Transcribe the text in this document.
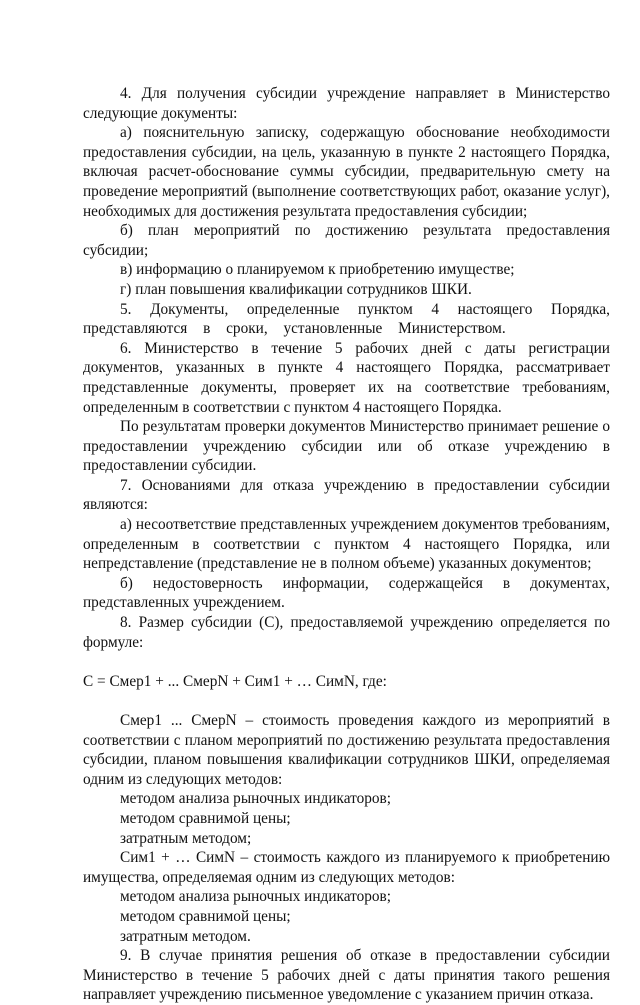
4. Для получения субсидии учреждение направляет в Министерство следующие документы:

а) пояснительную записку, содержащую обоснование необходимости предоставления субсидии, на цель, указанную в пункте 2 настоящего Порядка, включая расчет-обоснование суммы субсидии, предварительную смету на проведение мероприятий (выполнение соответствующих работ, оказание услуг), необходимых для достижения результата предоставления субсидии;

б) план мероприятий по достижению результата предоставления субсидии;

в) информацию о планируемом к приобретению имуществе;

г) план повышения квалификации сотрудников ШКИ.

5. Документы, определенные пунктом 4 настоящего Порядка, представляются в сроки, установленные Министерством.

6. Министерство в течение 5 рабочих дней с даты регистрации документов, указанных в пункте 4 настоящего Порядка, рассматривает представленные документы, проверяет их на соответствие требованиям, определенным в соответствии с пунктом 4 настоящего Порядка.

По результатам проверки документов Министерство принимает решение о предоставлении учреждению субсидии или об отказе учреждению в предоставлении субсидии.

7. Основаниями для отказа учреждению в предоставлении субсидии являются:

а) несоответствие представленных учреждением документов требованиям, определенным в соответствии с пунктом 4 настоящего Порядка, или непредставление (представление не в полном объеме) указанных документов;

б) недостоверность информации, содержащейся в документах, представленных учреждением.

8. Размер субсидии (С), предоставляемой учреждению определяется по формуле:

С = Смер1 + ... СмерN + Сим1 + … СимN, где:

Смер1 ... СмерN – стоимость проведения каждого из мероприятий в соответствии с планом мероприятий по достижению результата предоставления субсидии, планом повышения квалификации сотрудников ШКИ, определяемая одним из следующих методов:

методом анализа рыночных индикаторов;

методом сравнимой цены;

затратным методом;

Сим1 + … СимN – стоимость каждого из планируемого к приобретению имущества, определяемая одним из следующих методов:

методом анализа рыночных индикаторов;

методом сравнимой цены;

затратным методом.

9. В случае принятия решения об отказе в предоставлении субсидии Министерство в течение 5 рабочих дней с даты принятия такого решения направляет учреждению письменное уведомление с указанием причин отказа.
